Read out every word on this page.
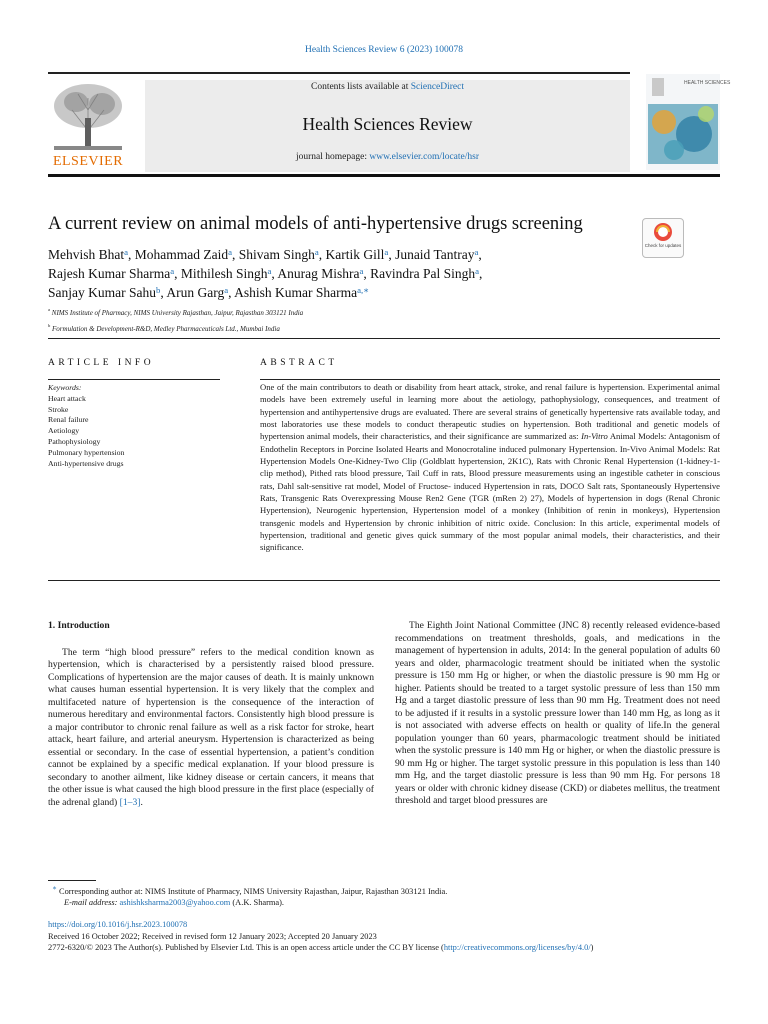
Health Sciences Review 6 (2023) 100078
ELSEVIER
Contents lists available at ScienceDirect
Health Sciences Review
journal homepage: www.elsevier.com/locate/hsr
HEALTH SCIENCES
A current review on animal models of anti-hypertensive drugs screening
Check for updates
Mehvish Bhat$^a$, Mohammad Zaid$^a$, Shivam Singh$^a$, Kartik Gill$^a$, Junaid Tantray$^a$,
Rajesh Kumar Sharma$^a$, Mithilesh Singh$^a$, Anurag Mishra$^a$, Ravindra Pal Singh$^a$,
Sanjay Kumar Sahu$^b$, Arun Garg$^a$, Ashish Kumar Sharma$^{a,∗}$
$^a$ NIMS Institute of Pharmacy, NIMS University Rajasthan, Jaipur, Rajasthan 303121 India
$^b$ Formulation & Development-R&D, Medley Pharmaceuticals Ltd., Mumbai India
ARTICLE INFO	ABSTRACT
Keywords:
Heart attack
Stroke
Renal failure
Aetiology
Pathophysiology
Pulmonary hypertension
Anti-hypertensive drugs
One of the main contributors to death or disability from heart attack, stroke, and renal failure is hypertension. Experimental animal models have been extremely useful in learning more about the aetiology, pathophysiology, consequences, and treatment of hypertension and antihypertensive drugs are evaluated. There are several strains of genetically hypertensive rats available today, and most laboratories use these models to conduct therapeutic studies on hypertension. Both traditional and genetic models of hypertension animal models, their characteristics, and their significance are summarized as: In-Vitro Animal Models: Antagonism of Endothelin Receptors in Porcine Isolated Hearts and Monocrotaline induced pulmonary Hypertension. In-Vivo Animal Models: Rat Hypertension Models One-Kidney-Two Clip (Goldblatt hypertension, 2K1C), Rats with Chronic Renal Hypertension (1-kidney-1-clip method), Pithed rats blood pressure, Tail Cuff in rats, Blood pressure measurements using an ingestible catheter in conscious rats, Dahl salt-sensitive rat model, Model of Fructose- induced Hypertension in rats, DOCO Salt rats, Spontaneously Hypertensive Rats, Transgenic Rats Overexpressing Mouse Ren2 Gene (TGR (mRen 2) 27), Models of hypertension in dogs (Renal Chronic Hypertension), Neurogenic hypertension, Hypertension model of a monkey (Inhibition of renin in monkeys), Hypertension transgenic models and Hypertension by chronic inhibition of nitric oxide. Conclusion: In this article, experimental models of hypertension, traditional and genetic gives quick summary of the most popular animal models, their characteristics, and their significance.
1. Introduction

The term “high blood pressure” refers to the medical condition known as hypertension, which is characterised by a persistently raised blood pressure. Complications of hypertension are the major causes of death. It is mainly unknown what causes human essential hypertension. It is very likely that the complex and multifaceted nature of hypertension is the consequence of the interaction of numerous hereditary and environmental factors. Consistently high blood pressure is a major contributor to chronic renal failure as well as a risk factor for stroke, heart attack, heart failure, and arterial aneurysm. Hypertension is characterized as being essential or secondary. In the case of essential hypertension, a patient’s condition cannot be explained by a specific medical explanation. If your blood pressure is secondary to another ailment, like kidney disease or certain cancers, it means that the other issue is what caused the high blood pressure in the first place (especially of the adrenal gland) [1–3].

The Eighth Joint National Committee (JNC 8) recently released evidence-based recommendations on treatment thresholds, goals, and medications in the management of hypertension in adults, 2014: In the general population of adults 60 years and older, pharmacologic treatment should be initiated when the systolic pressure is 150 mm Hg or higher, or when the diastolic pressure is 90 mm Hg or higher. Patients should be treated to a target systolic pressure of less than 150 mm Hg and a target diastolic pressure of less than 90 mm Hg. Treatment does not need to be adjusted if it results in a systolic pressure lower than 140 mm Hg, as long as it is not associated with adverse effects on health or quality of life.In the general population younger than 60 years, pharmacologic treatment should be initiated when the systolic pressure is 140 mm Hg or higher, or when the diastolic pressure is 90 mm Hg or higher. The target systolic pressure in this population is less than 140 mm Hg, and the target diastolic pressure is less than 90 mm Hg. For persons 18 years or older with chronic kidney disease (CKD) or diabetes mellitus, the treatment threshold and target blood pressures are

∗ Corresponding author at: NIMS Institute of Pharmacy, NIMS University Rajasthan, Jaipur, Rajasthan 303121 India.
E-mail address: ashishksharma2003@yahoo.com (A.K. Sharma).
https://doi.org/10.1016/j.hsr.2023.100078
Received 16 October 2022; Received in revised form 12 January 2023; Accepted 20 January 2023
2772-6320/© 2023 The Author(s). Published by Elsevier Ltd. This is an open access article under the CC BY license (http://creativecommons.org/licenses/by/4.0/)
